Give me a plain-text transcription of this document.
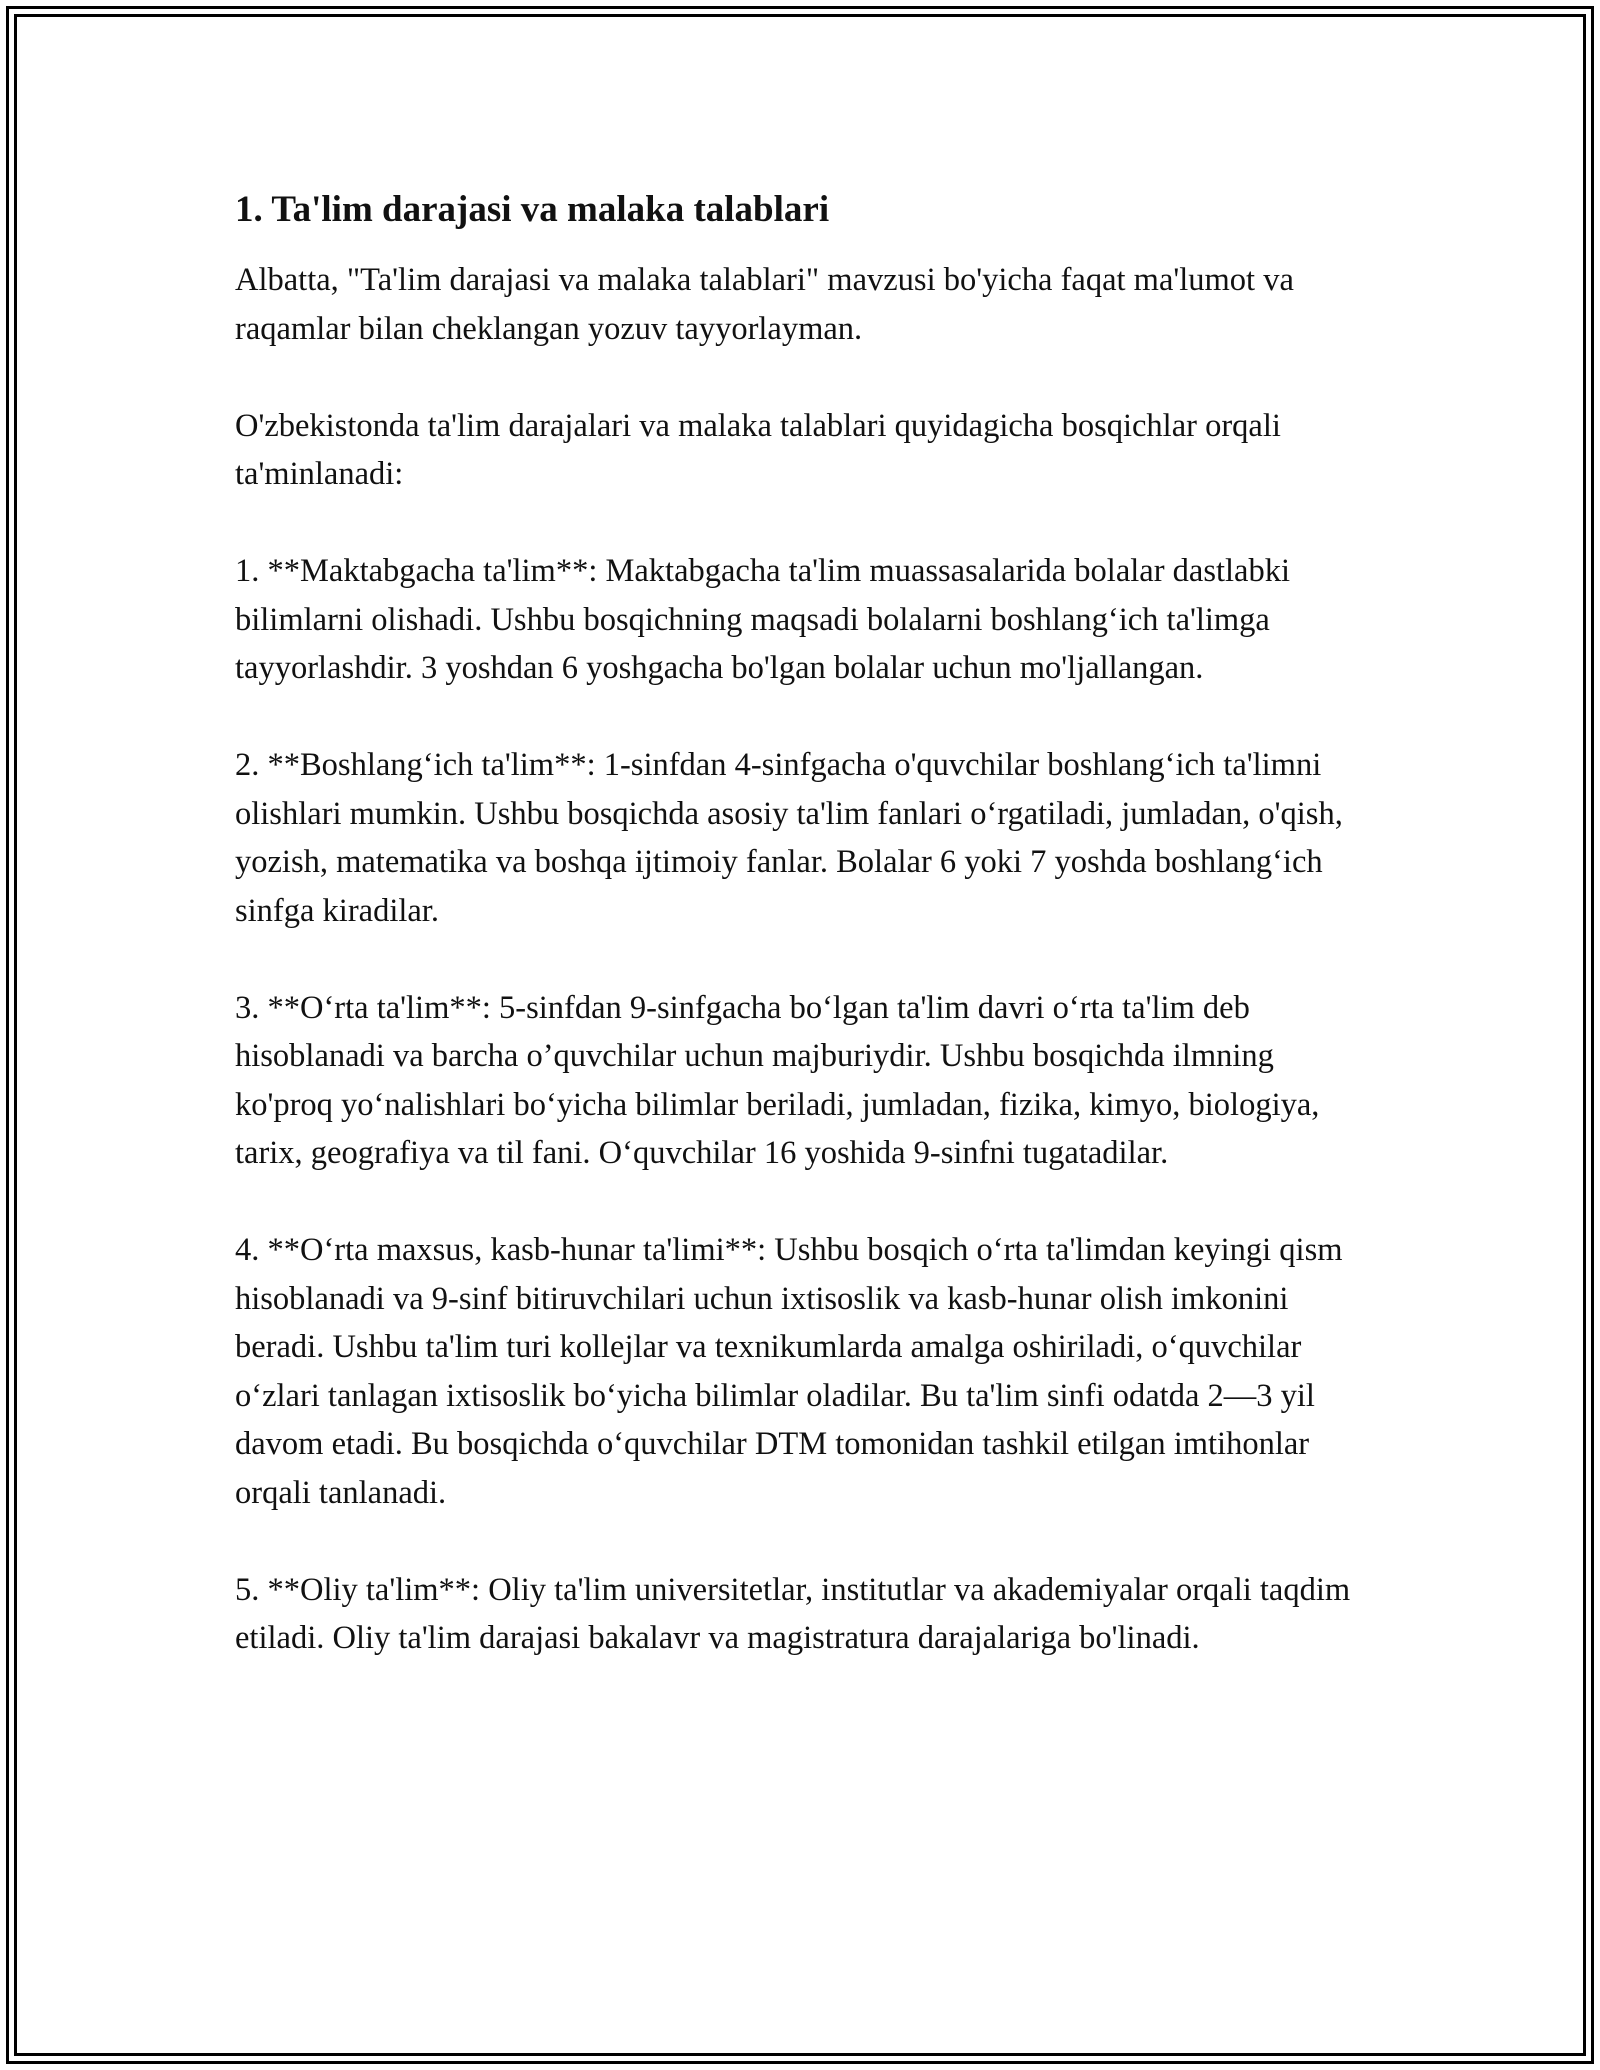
1. Ta'lim darajasi va malaka talablari

Albatta, "Ta'lim darajasi va malaka talablari" mavzusi bo'yicha faqat ma'lumot va raqamlar bilan cheklangan yozuv tayyorlayman.

O'zbekistonda ta'lim darajalari va malaka talablari quyidagicha bosqichlar orqali ta'minlanadi:

1. **Maktabgacha ta'lim**: Maktabgacha ta'lim muassasalarida bolalar dastlabki bilimlarni olishadi. Ushbu bosqichning maqsadi bolalarni boshlang‘ich ta'limga tayyorlashdir. 3 yoshdan 6 yoshgacha bo'lgan bolalar uchun mo'ljallangan.

2. **Boshlang‘ich ta'lim**: 1-sinfdan 4-sinfgacha o'quvchilar boshlang‘ich ta'limni olishlari mumkin. Ushbu bosqichda asosiy ta'lim fanlari o‘rgatiladi, jumladan, o'qish, yozish, matematika va boshqa ijtimoiy fanlar. Bolalar 6 yoki 7 yoshda boshlang‘ich sinfga kiradilar.

3. **O‘rta ta'lim**: 5-sinfdan 9-sinfgacha bo‘lgan ta'lim davri o‘rta ta'lim deb hisoblanadi va barcha o’quvchilar uchun majburiydir. Ushbu bosqichda ilmning ko'proq yo‘nalishlari bo‘yicha bilimlar beriladi, jumladan, fizika, kimyo, biologiya, tarix, geografiya va til fani. O‘quvchilar 16 yoshida 9-sinfni tugatadilar.

4. **O‘rta maxsus, kasb-hunar ta'limi**: Ushbu bosqich o‘rta ta'limdan keyingi qism hisoblanadi va 9-sinf bitiruvchilari uchun ixtisoslik va kasb-hunar olish imkonini beradi. Ushbu ta'lim turi kollejlar va texnikumlarda amalga oshiriladi, o‘quvchilar o‘zlari tanlagan ixtisoslik bo‘yicha bilimlar oladilar. Bu ta'lim sinfi odatda 2—3 yil davom etadi. Bu bosqichda o‘quvchilar DTM tomonidan tashkil etilgan imtihonlar orqali tanlanadi.

5. **Oliy ta'lim**: Oliy ta'lim universitetlar, institutlar va akademiyalar orqali taqdim etiladi. Oliy ta'lim darajasi bakalavr va magistratura darajalariga bo'linadi.
